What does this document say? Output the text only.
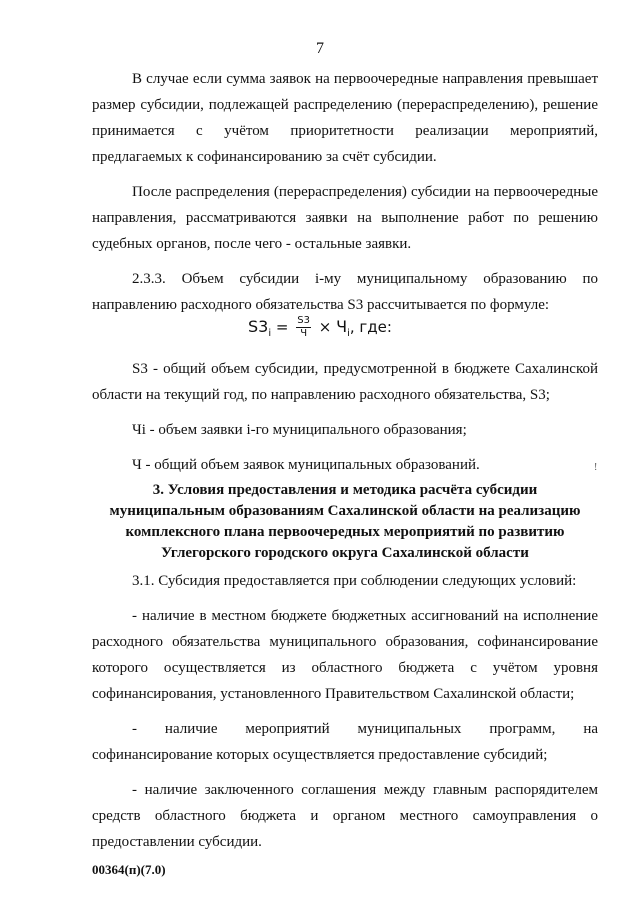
7

В случае если сумма заявок на первоочередные направления превышает размер субсидии, подлежащей распределению (перераспределению), решение принимается с учётом приоритетности реализации мероприятий, предлагаемых к софинансированию за счёт субсидии.

После распределения (перераспределения) субсидии на первоочередные направления, рассматриваются заявки на выполнение работ по решению судебных органов, после чего - остальные заявки.

2.3.3. Объем субсидии i-му муниципальному образованию по направлению расходного обязательства S3 рассчитывается по формуле:

$S3_i = \frac{S3}{Ч} \times Ч_i$, где:

S3 - общий объем субсидии, предусмотренной в бюджете Сахалинской области на текущий год, по направлению расходного обязательства, S3;

Чi - объем заявки i-го муниципального образования;

Ч - общий объем заявок муниципальных образований.

3. Условия предоставления и методика расчёта субсидии
муниципальным образованиям Сахалинской области на реализацию
комплексного плана первоочередных мероприятий по развитию
Углегорского городского округа Сахалинской области

3.1. Субсидия предоставляется при соблюдении следующих условий:

- наличие в местном бюджете бюджетных ассигнований на исполнение расходного обязательства муниципального образования, софинансирование которого осуществляется из областного бюджета с учётом уровня софинансирования, установленного Правительством Сахалинской области;

- наличие мероприятий муниципальных программ, на софинансирование которых осуществляется предоставление субсидий;

- наличие заключенного соглашения между главным распорядителем средств областного бюджета и органом местного самоуправления о предоставлении субсидии.

!
00364(п)(7.0)
